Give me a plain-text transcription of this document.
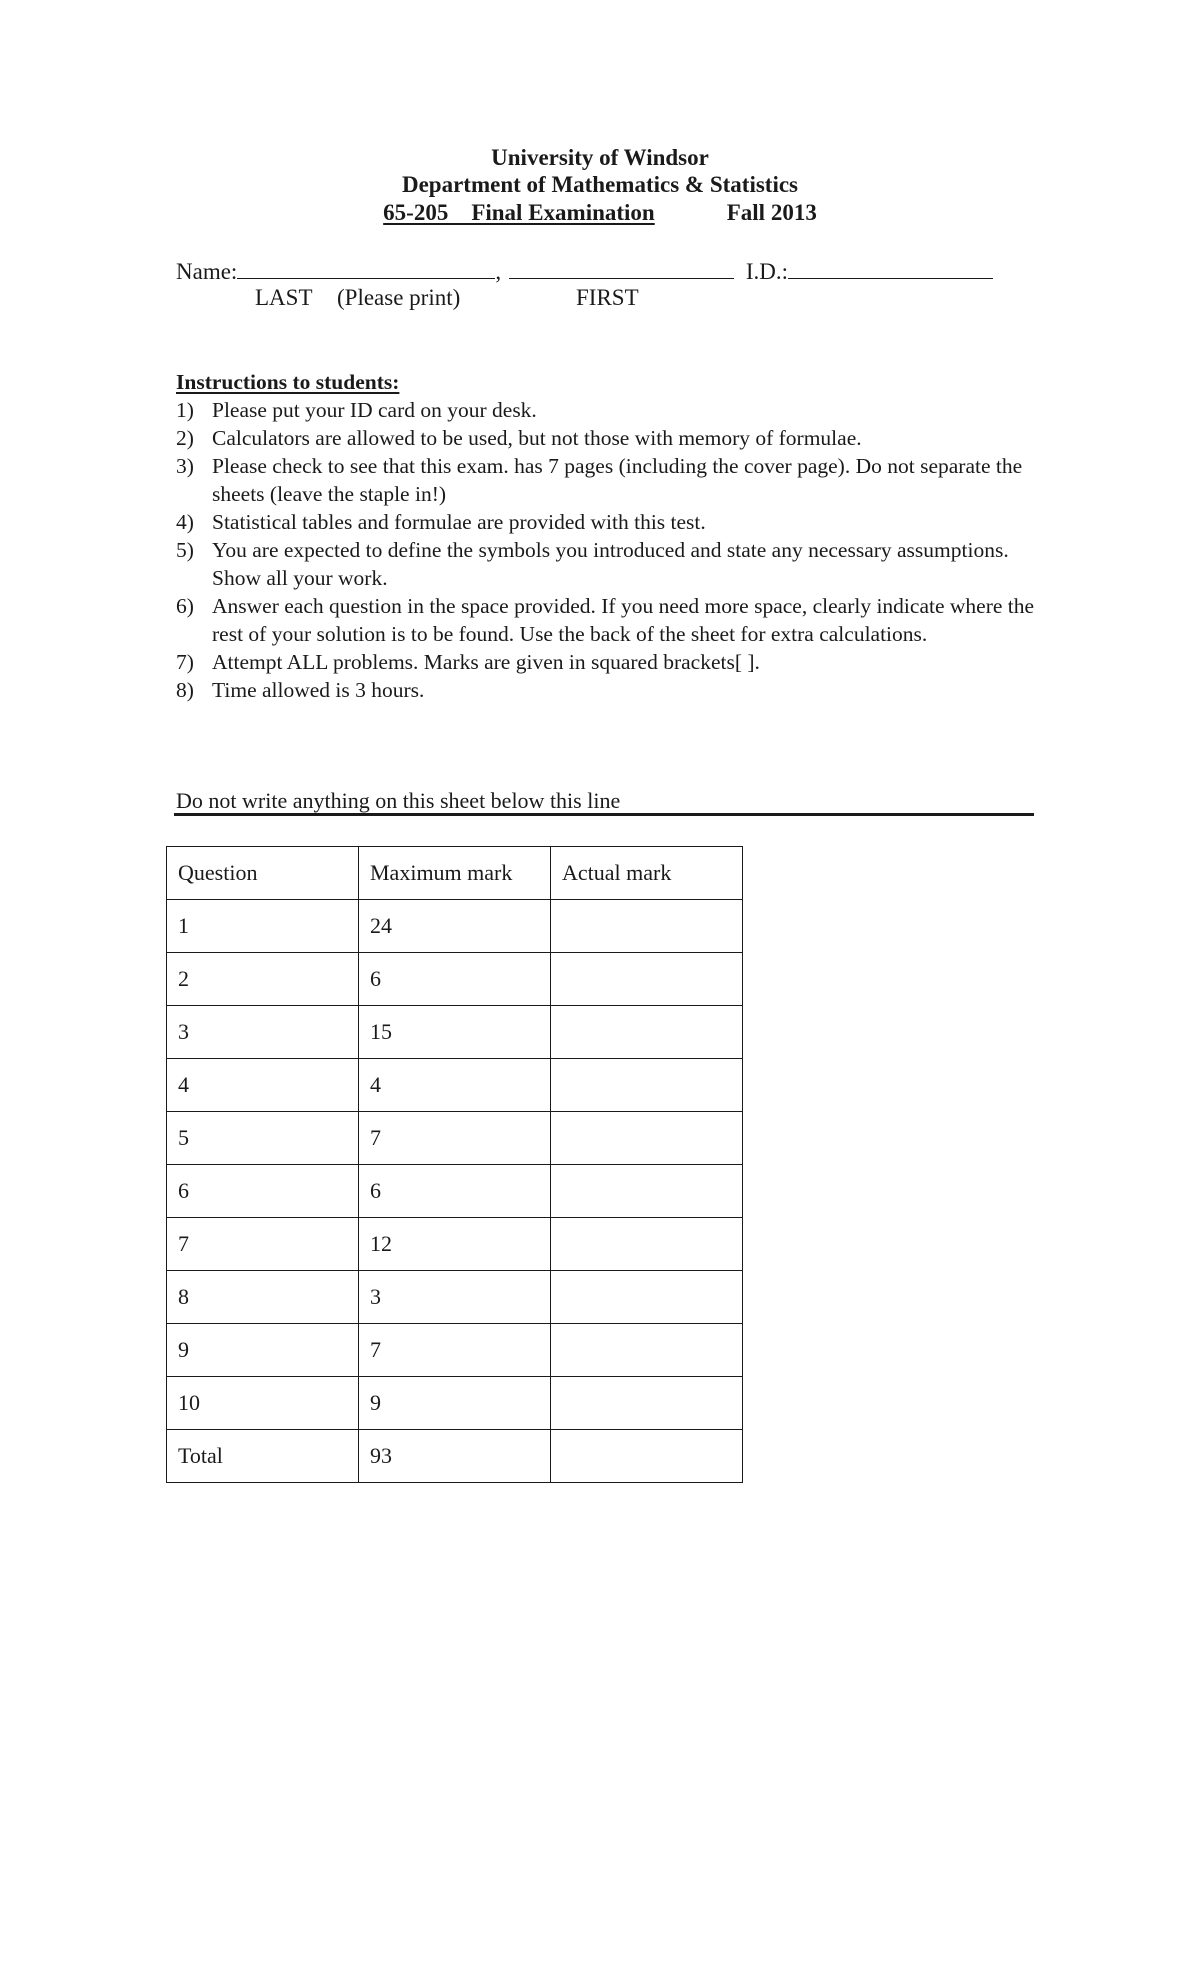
University of Windsor
Department of Mathematics & Statistics
65-205    Final Examination	Fall 2013
Name:	,	I.D.:
LAST (Please print)	FIRST
Instructions to students:
1) Please put your ID card on your desk.
2) Calculators are allowed to be used, but not those with memory of formulae.
3) Please check to see that this exam. has 7 pages (including the cover page). Do not separate the sheets (leave the staple in!)
4) Statistical tables and formulae are provided with this test.
5) You are expected to define the symbols you introduced and state any necessary assumptions. Show all your work.
6) Answer each question in the space provided. If you need more space, clearly indicate where the rest of your solution is to be found. Use the back of the sheet for extra calculations.
7) Attempt ALL problems. Marks are given in squared brackets[ ].
8) Time allowed is 3 hours.
Do not write anything on this sheet below this line
Question	Maximum mark	Actual mark
1	24	
2	6	
3	15	
4	4	
5	7	
6	6	
7	12	
8	3	
9	7	
10	9	
Total	93	
